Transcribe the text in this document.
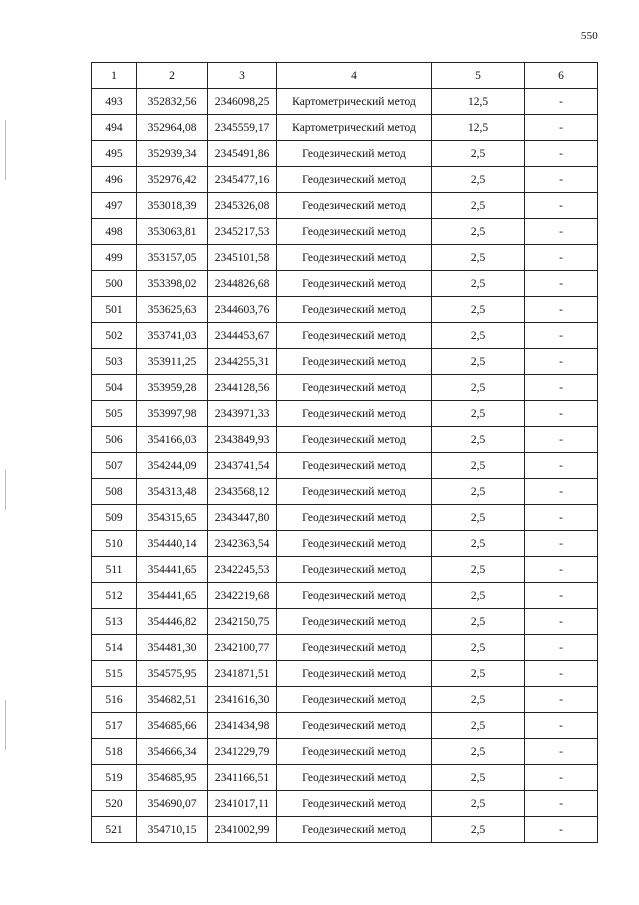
550
1	2	3	4	5	6
493	352832,56	2346098,25	Картометрический метод	12,5	-
494	352964,08	2345559,17	Картометрический метод	12,5	-
495	352939,34	2345491,86	Геодезический метод	2,5	-
496	352976,42	2345477,16	Геодезический метод	2,5	-
497	353018,39	2345326,08	Геодезический метод	2,5	-
498	353063,81	2345217,53	Геодезический метод	2,5	-
499	353157,05	2345101,58	Геодезический метод	2,5	-
500	353398,02	2344826,68	Геодезический метод	2,5	-
501	353625,63	2344603,76	Геодезический метод	2,5	-
502	353741,03	2344453,67	Геодезический метод	2,5	-
503	353911,25	2344255,31	Геодезический метод	2,5	-
504	353959,28	2344128,56	Геодезический метод	2,5	-
505	353997,98	2343971,33	Геодезический метод	2,5	-
506	354166,03	2343849,93	Геодезический метод	2,5	-
507	354244,09	2343741,54	Геодезический метод	2,5	-
508	354313,48	2343568,12	Геодезический метод	2,5	-
509	354315,65	2343447,80	Геодезический метод	2,5	-
510	354440,14	2342363,54	Геодезический метод	2,5	-
511	354441,65	2342245,53	Геодезический метод	2,5	-
512	354441,65	2342219,68	Геодезический метод	2,5	-
513	354446,82	2342150,75	Геодезический метод	2,5	-
514	354481,30	2342100,77	Геодезический метод	2,5	-
515	354575,95	2341871,51	Геодезический метод	2,5	-
516	354682,51	2341616,30	Геодезический метод	2,5	-
517	354685,66	2341434,98	Геодезический метод	2,5	-
518	354666,34	2341229,79	Геодезический метод	2,5	-
519	354685,95	2341166,51	Геодезический метод	2,5	-
520	354690,07	2341017,11	Геодезический метод	2,5	-
521	354710,15	2341002,99	Геодезический метод	2,5	-
